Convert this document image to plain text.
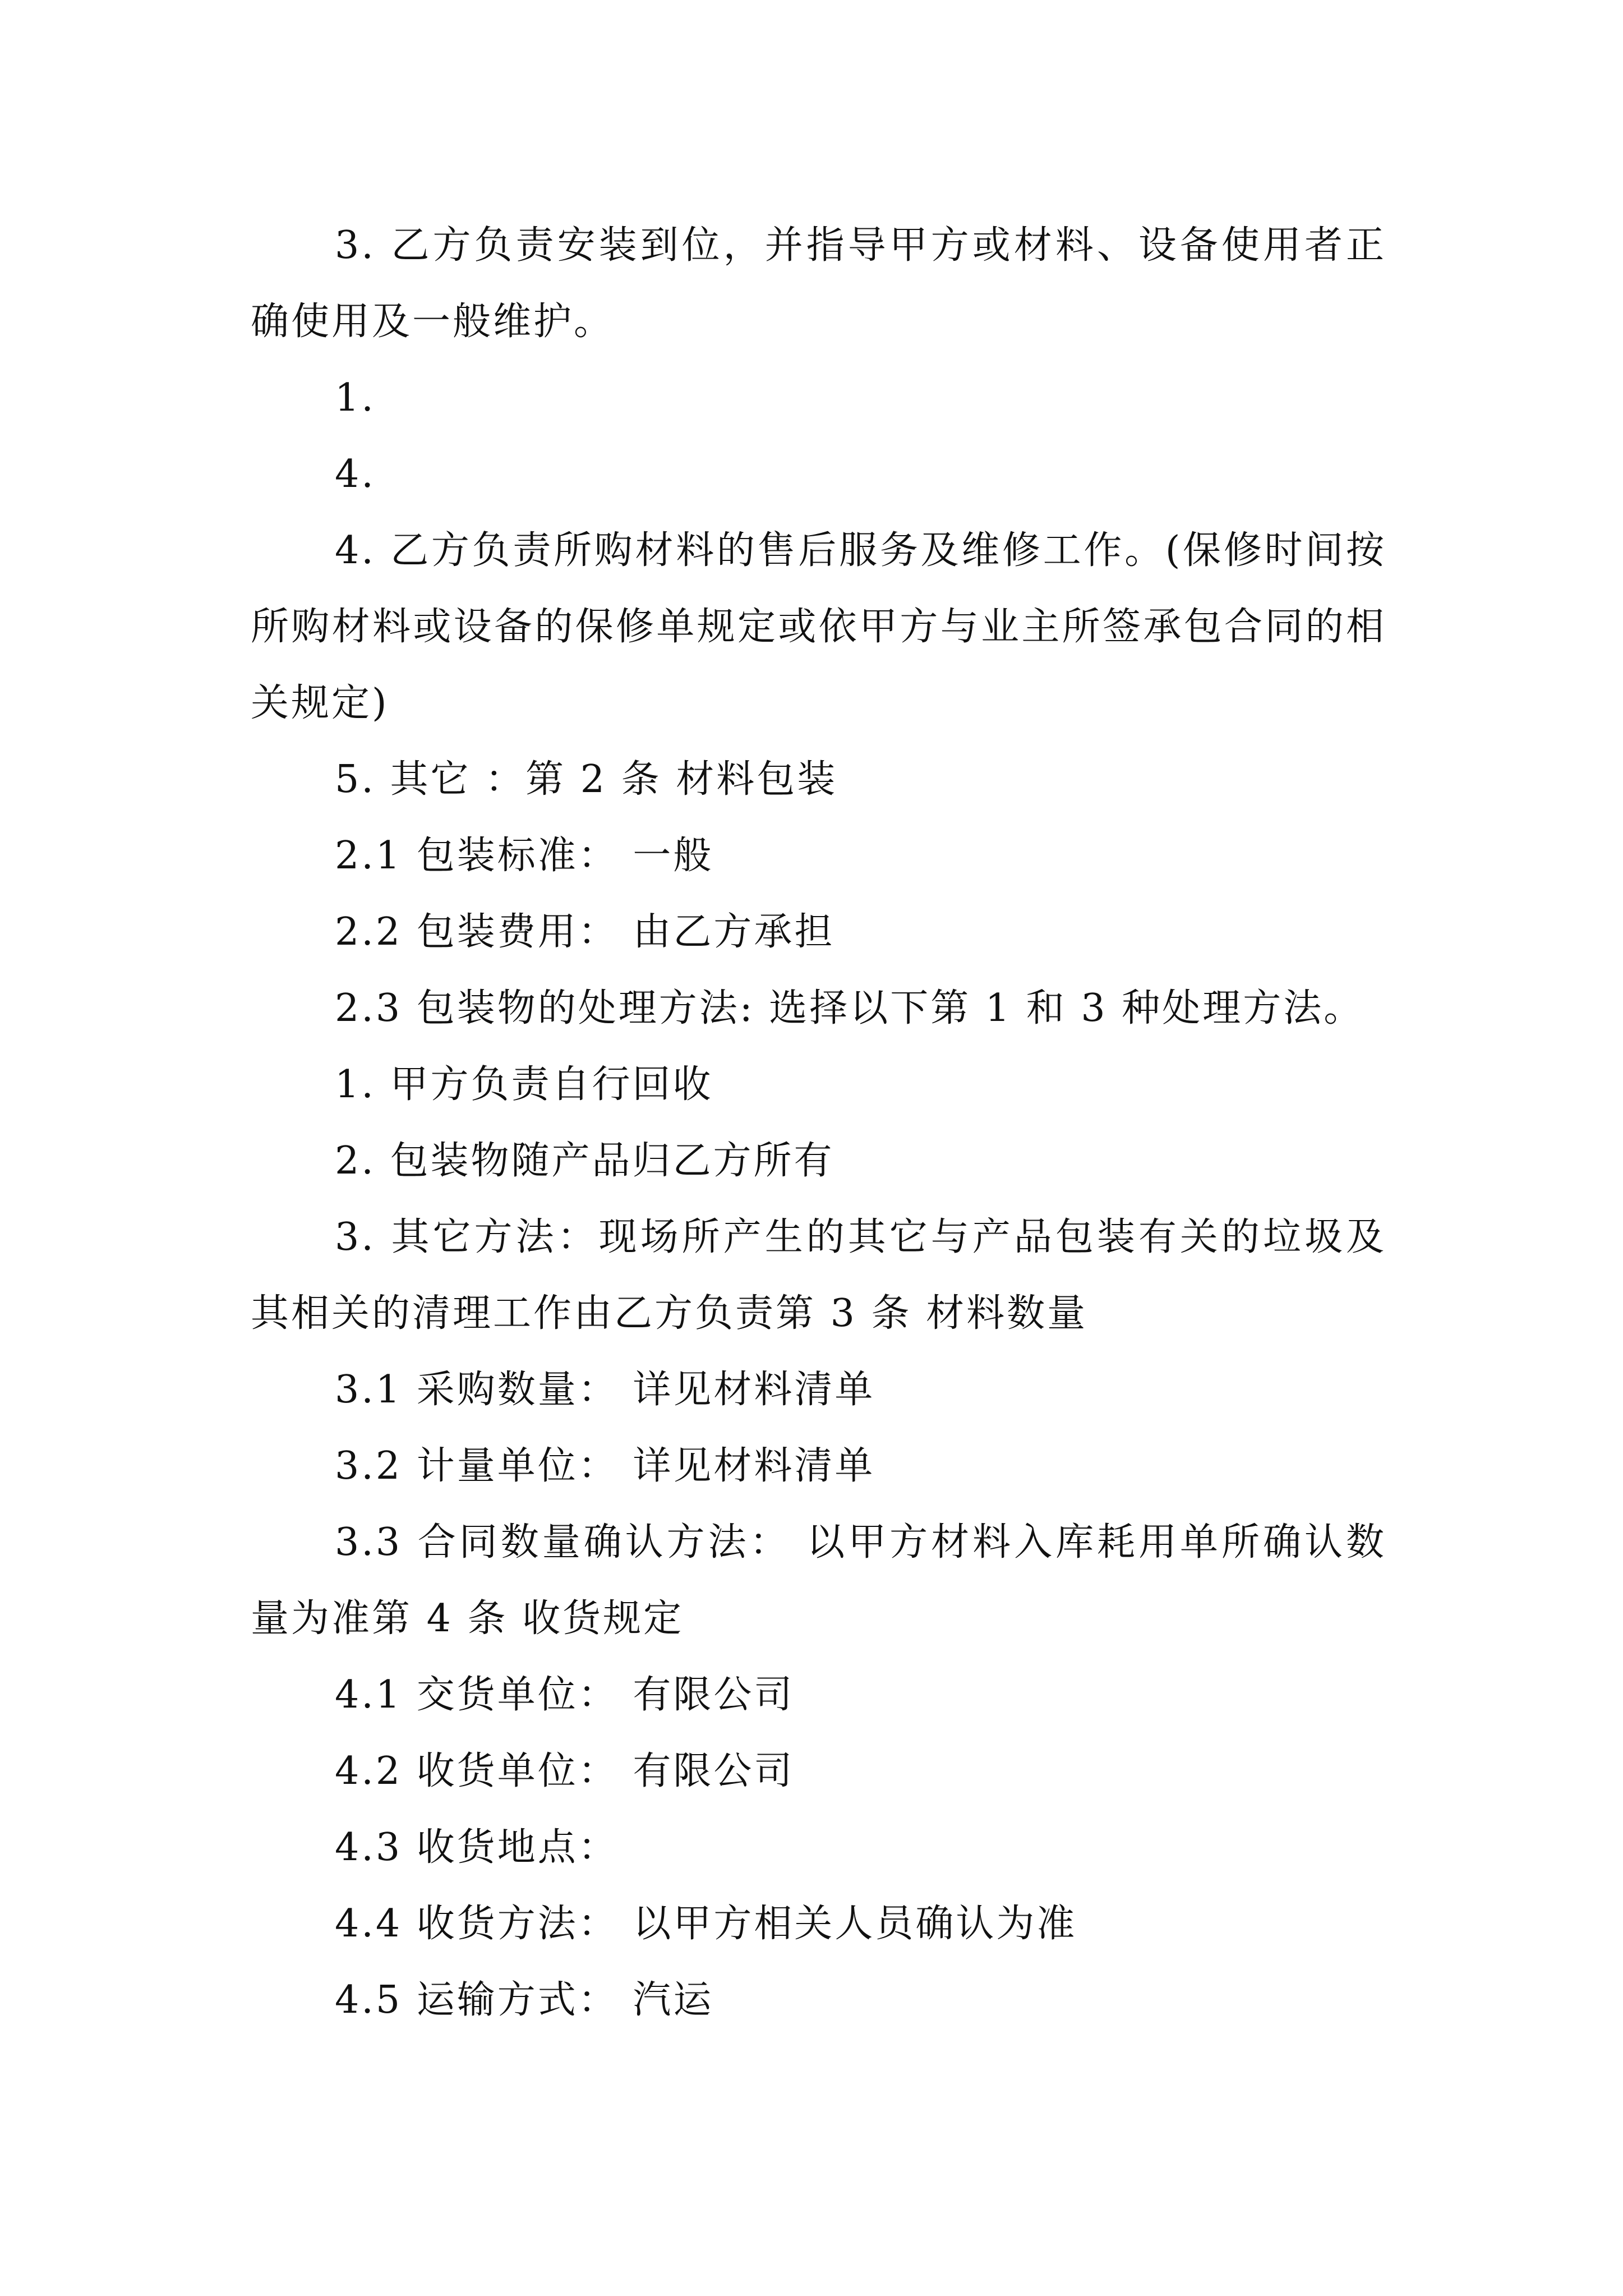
3. 乙方负责安装到位，并指导甲方或材料、设备使用者正确使用及一般维护。

1.

4.

4. 乙方负责所购材料的售后服务及维修工作。(保修时间按所购材料或设备的保修单规定或依甲方与业主所签承包合同的相关规定)

5. 其它 ：第 2 条 材料包装

2.1 包装标准： 一般

2.2 包装费用： 由乙方承担

2.3 包装物的处理方法: 选择以下第 1 和 3 种处理方法。

1. 甲方负责自行回收

2. 包装物随产品归乙方所有

3. 其它方法：现场所产生的其它与产品包装有关的垃圾及其相关的清理工作由乙方负责第 3 条 材料数量

3.1 采购数量： 详见材料清单

3.2 计量单位： 详见材料清单

3.3 合同数量确认方法： 以甲方材料入库耗用单所确认数量为准第 4 条 收货规定

4.1 交货单位： 有限公司

4.2 收货单位： 有限公司

4.3 收货地点：

4.4 收货方法： 以甲方相关人员确认为准

4.5 运输方式： 汽运
